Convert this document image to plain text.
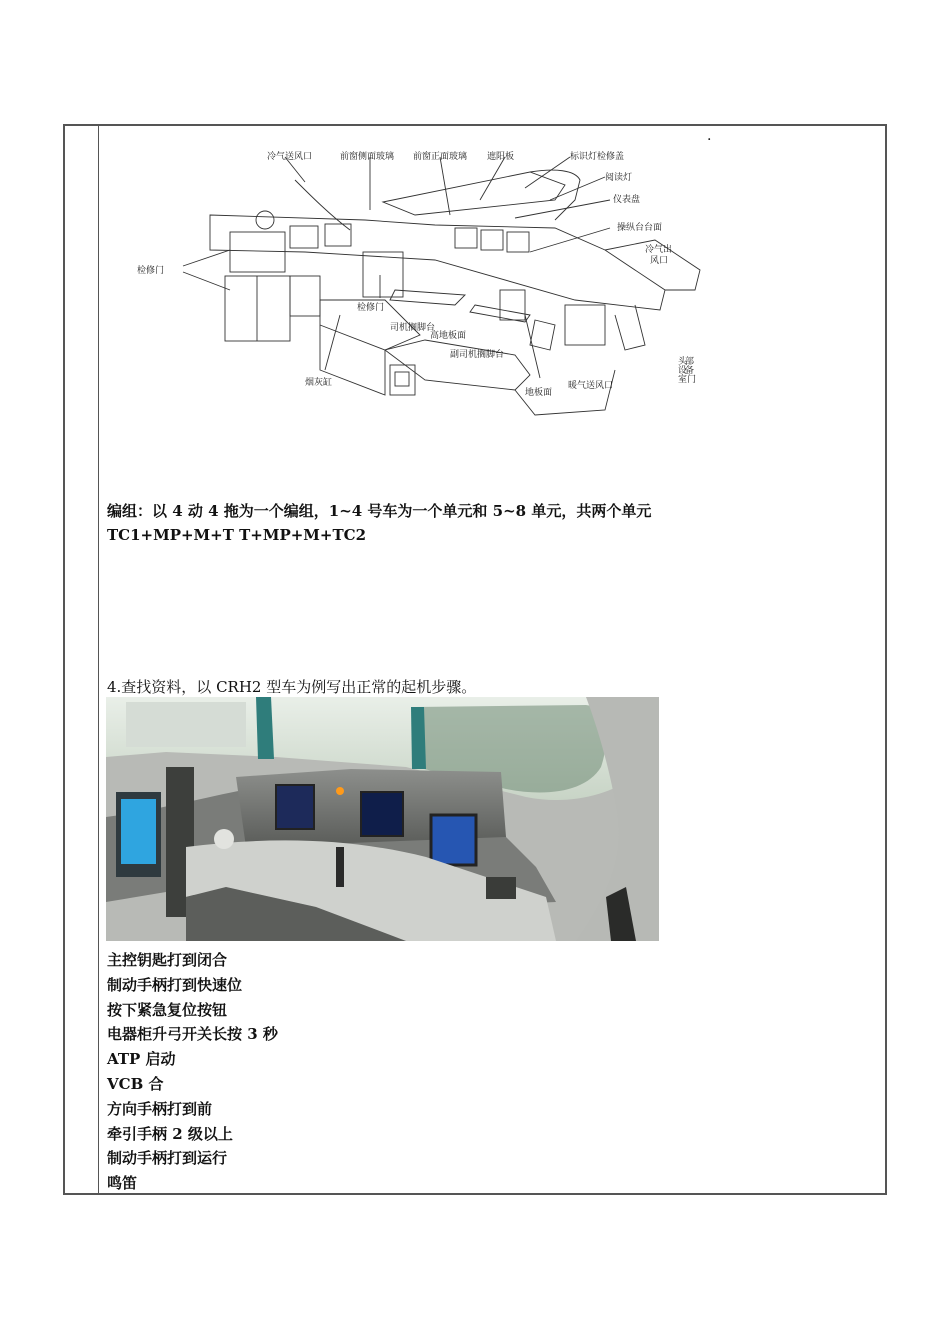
.
冷气送风口	前窗侧面玻璃 前窗正面玻璃 遮阳板	标识灯检修盖
阅读灯
仪表盘
操纵台台面
冷气出
风口
检修门
检修门
司机搁脚台
高地板面
副司机搁脚台
烟灰缸	暖气送风口
地板面
头
部
设
备
室门
编组：以 4 动 4 拖为一个编组，1~4 号车为一个单元和 5~8 单元，共两个单元
TC1+MP+M+T T+MP+M+TC2
4.查找资料，以 CRH2 型车为例写出正常的起机步骤。
主控钥匙打到闭合
制动手柄打到快速位
按下紧急复位按钮
电器柜升弓开关长按 3 秒
ATP 启动
VCB 合
方向手柄打到前
牵引手柄 2 级以上
制动手柄打到运行
鸣笛
